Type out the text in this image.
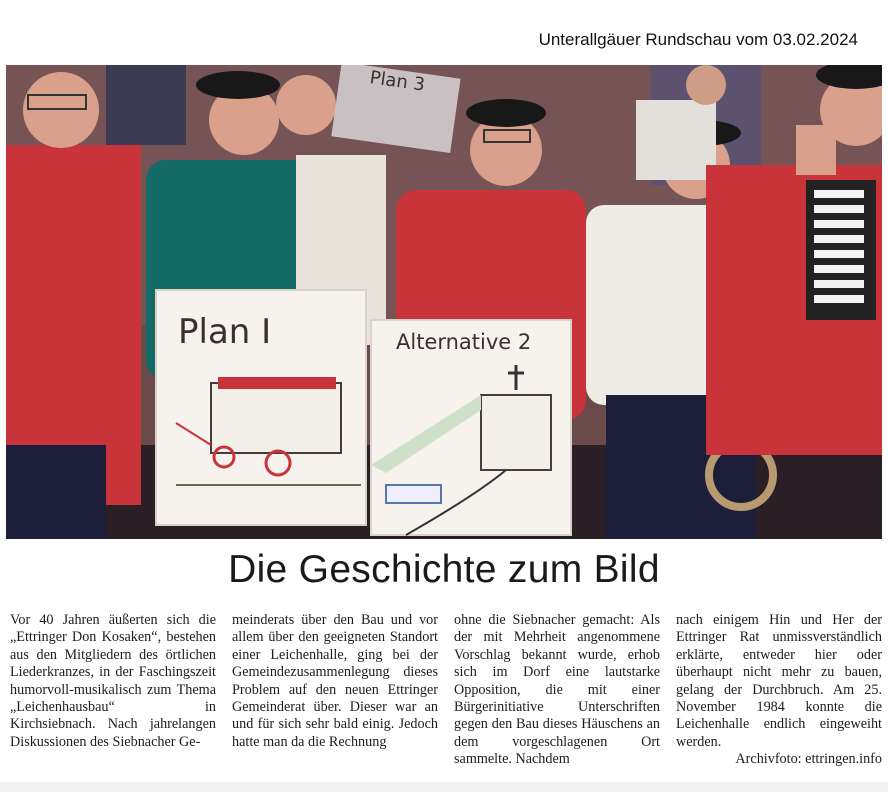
Unterallgäuer Rundschau vom 03.02.2024
Plan 3
Plan I	Alternative 2
Die Geschichte zum Bild
Vor 40 Jahren äußerten sich die „Ettringer Don Kosaken“, bestehen aus den Mitgliedern des örtlichen Liederkranzes, in der Faschingszeit humorvoll-musikalisch zum Thema „Leichenhausbau“ in Kirchsiebnach. Nach jahrelangen Diskussionen des Siebnacher Ge-
meinderats über den Bau und vor allem über den geeigneten Standort einer Leichenhalle, ging bei der Gemeindezusammenlegung dieses Problem auf den neuen Ettringer Gemeinderat über. Dieser war an und für sich sehr bald einig. Jedoch hatte man da die Rechnung
ohne die Siebnacher gemacht: Als der mit Mehrheit angenommene Vorschlag bekannt wurde, erhob sich im Dorf eine lautstarke Opposition, die mit einer Bürgerinitiative Unterschriften gegen den Bau dieses Häuschens an dem vorgeschlagenen Ort sammelte. Nachdem
nach einigem Hin und Her der Ettringer Rat unmissverständlich erklärte, entweder hier oder überhaupt nicht mehr zu bauen, gelang der Durchbruch. Am 25. November 1984 konnte die Leichenhalle endlich eingeweiht werden.
Archivfoto: ettringen.info
